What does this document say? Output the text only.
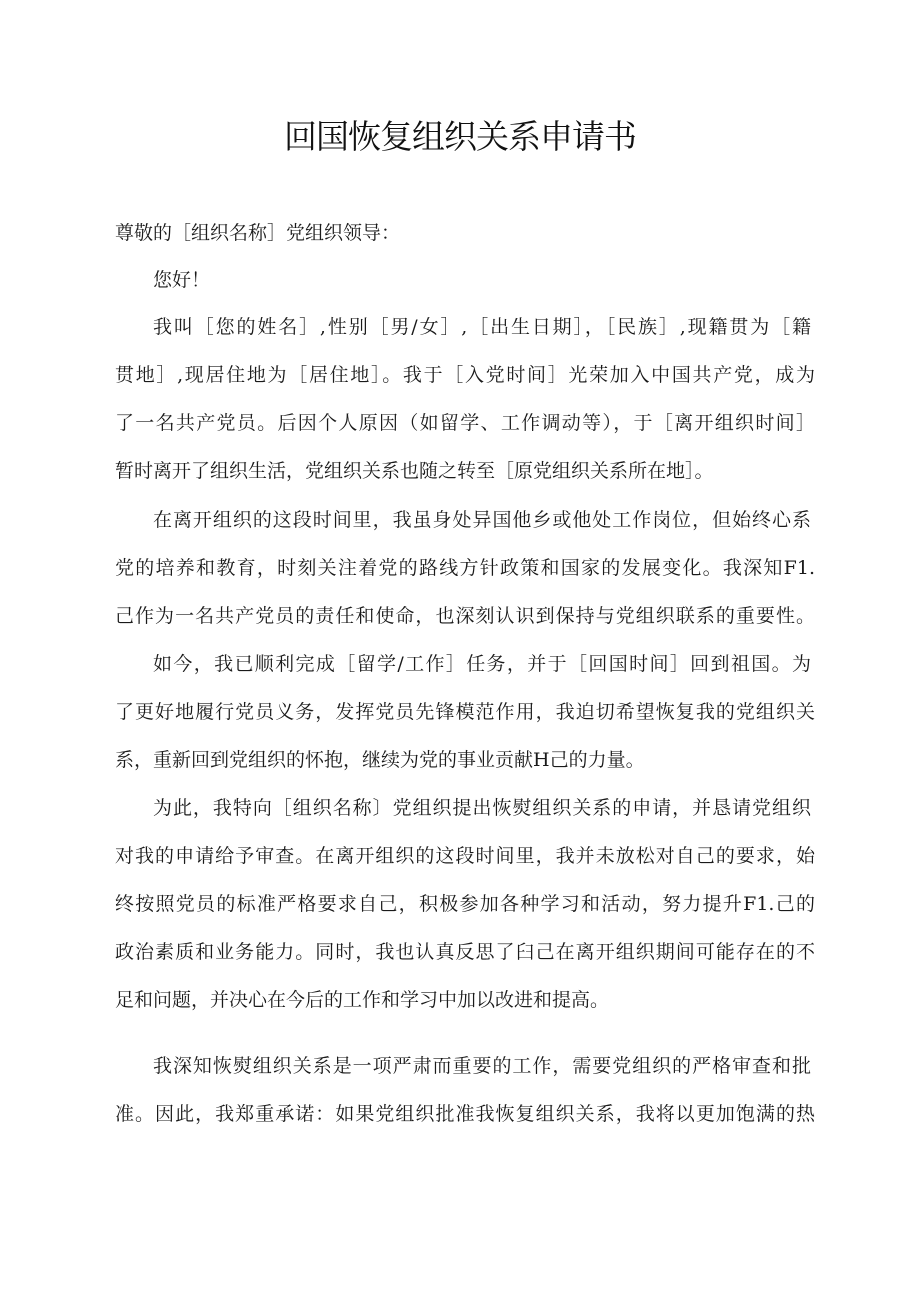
回国恢复组织关系申请书
尊敬的［组织名称］党组织领导：
您好！
我叫［您的姓名］,性别［男/女］,［出生日期］，［民族］,现籍贯为［籍
贯地］,现居住地为［居住地］。我于［入党时间］光荣加入中国共产党，成为
了一名共产党员。后因个人原因（如留学、工作调动等），于［离开组织时间］
暂时离开了组织生活，党组织关系也随之转至［原党组织关系所在地］。
在离开组织的这段时间里，我虽身处异国他乡或他处工作岗位，但始终心系
党的培养和教育，时刻关注着党的路线方针政策和国家的发展变化。我深知F1.
己作为一名共产党员的责任和使命，也深刻认识到保持与党组织联系的重要性。
如今，我已顺利完成［留学/工作］任务，并于［回国时间］回到祖国。为
了更好地履行党员义务，发挥党员先锋模范作用，我迫切希望恢复我的党组织关
系，重新回到党组织的怀抱，继续为党的事业贡献H己的力量。
为此，我特向［组织名称〕党组织提出恢熨组织关系的申请，并恳请党组织
对我的申请给予审查。在离开组织的这段时间里，我并未放松对自己的要求，始
终按照党员的标准严格要求自己，积极参加各种学习和活动，努力提升F1.己的
政治素质和业务能力。同时，我也认真反思了臼己在离开组织期间可能存在的不
足和问题，并决心在今后的工作和学习中加以改进和提高。
我深知恢熨组织关系是一项严肃而重要的工作，需要党组织的严格审查和批
准。因此，我郑重承诺：如果党组织批准我恢复组织关系，我将以更加饱满的热
